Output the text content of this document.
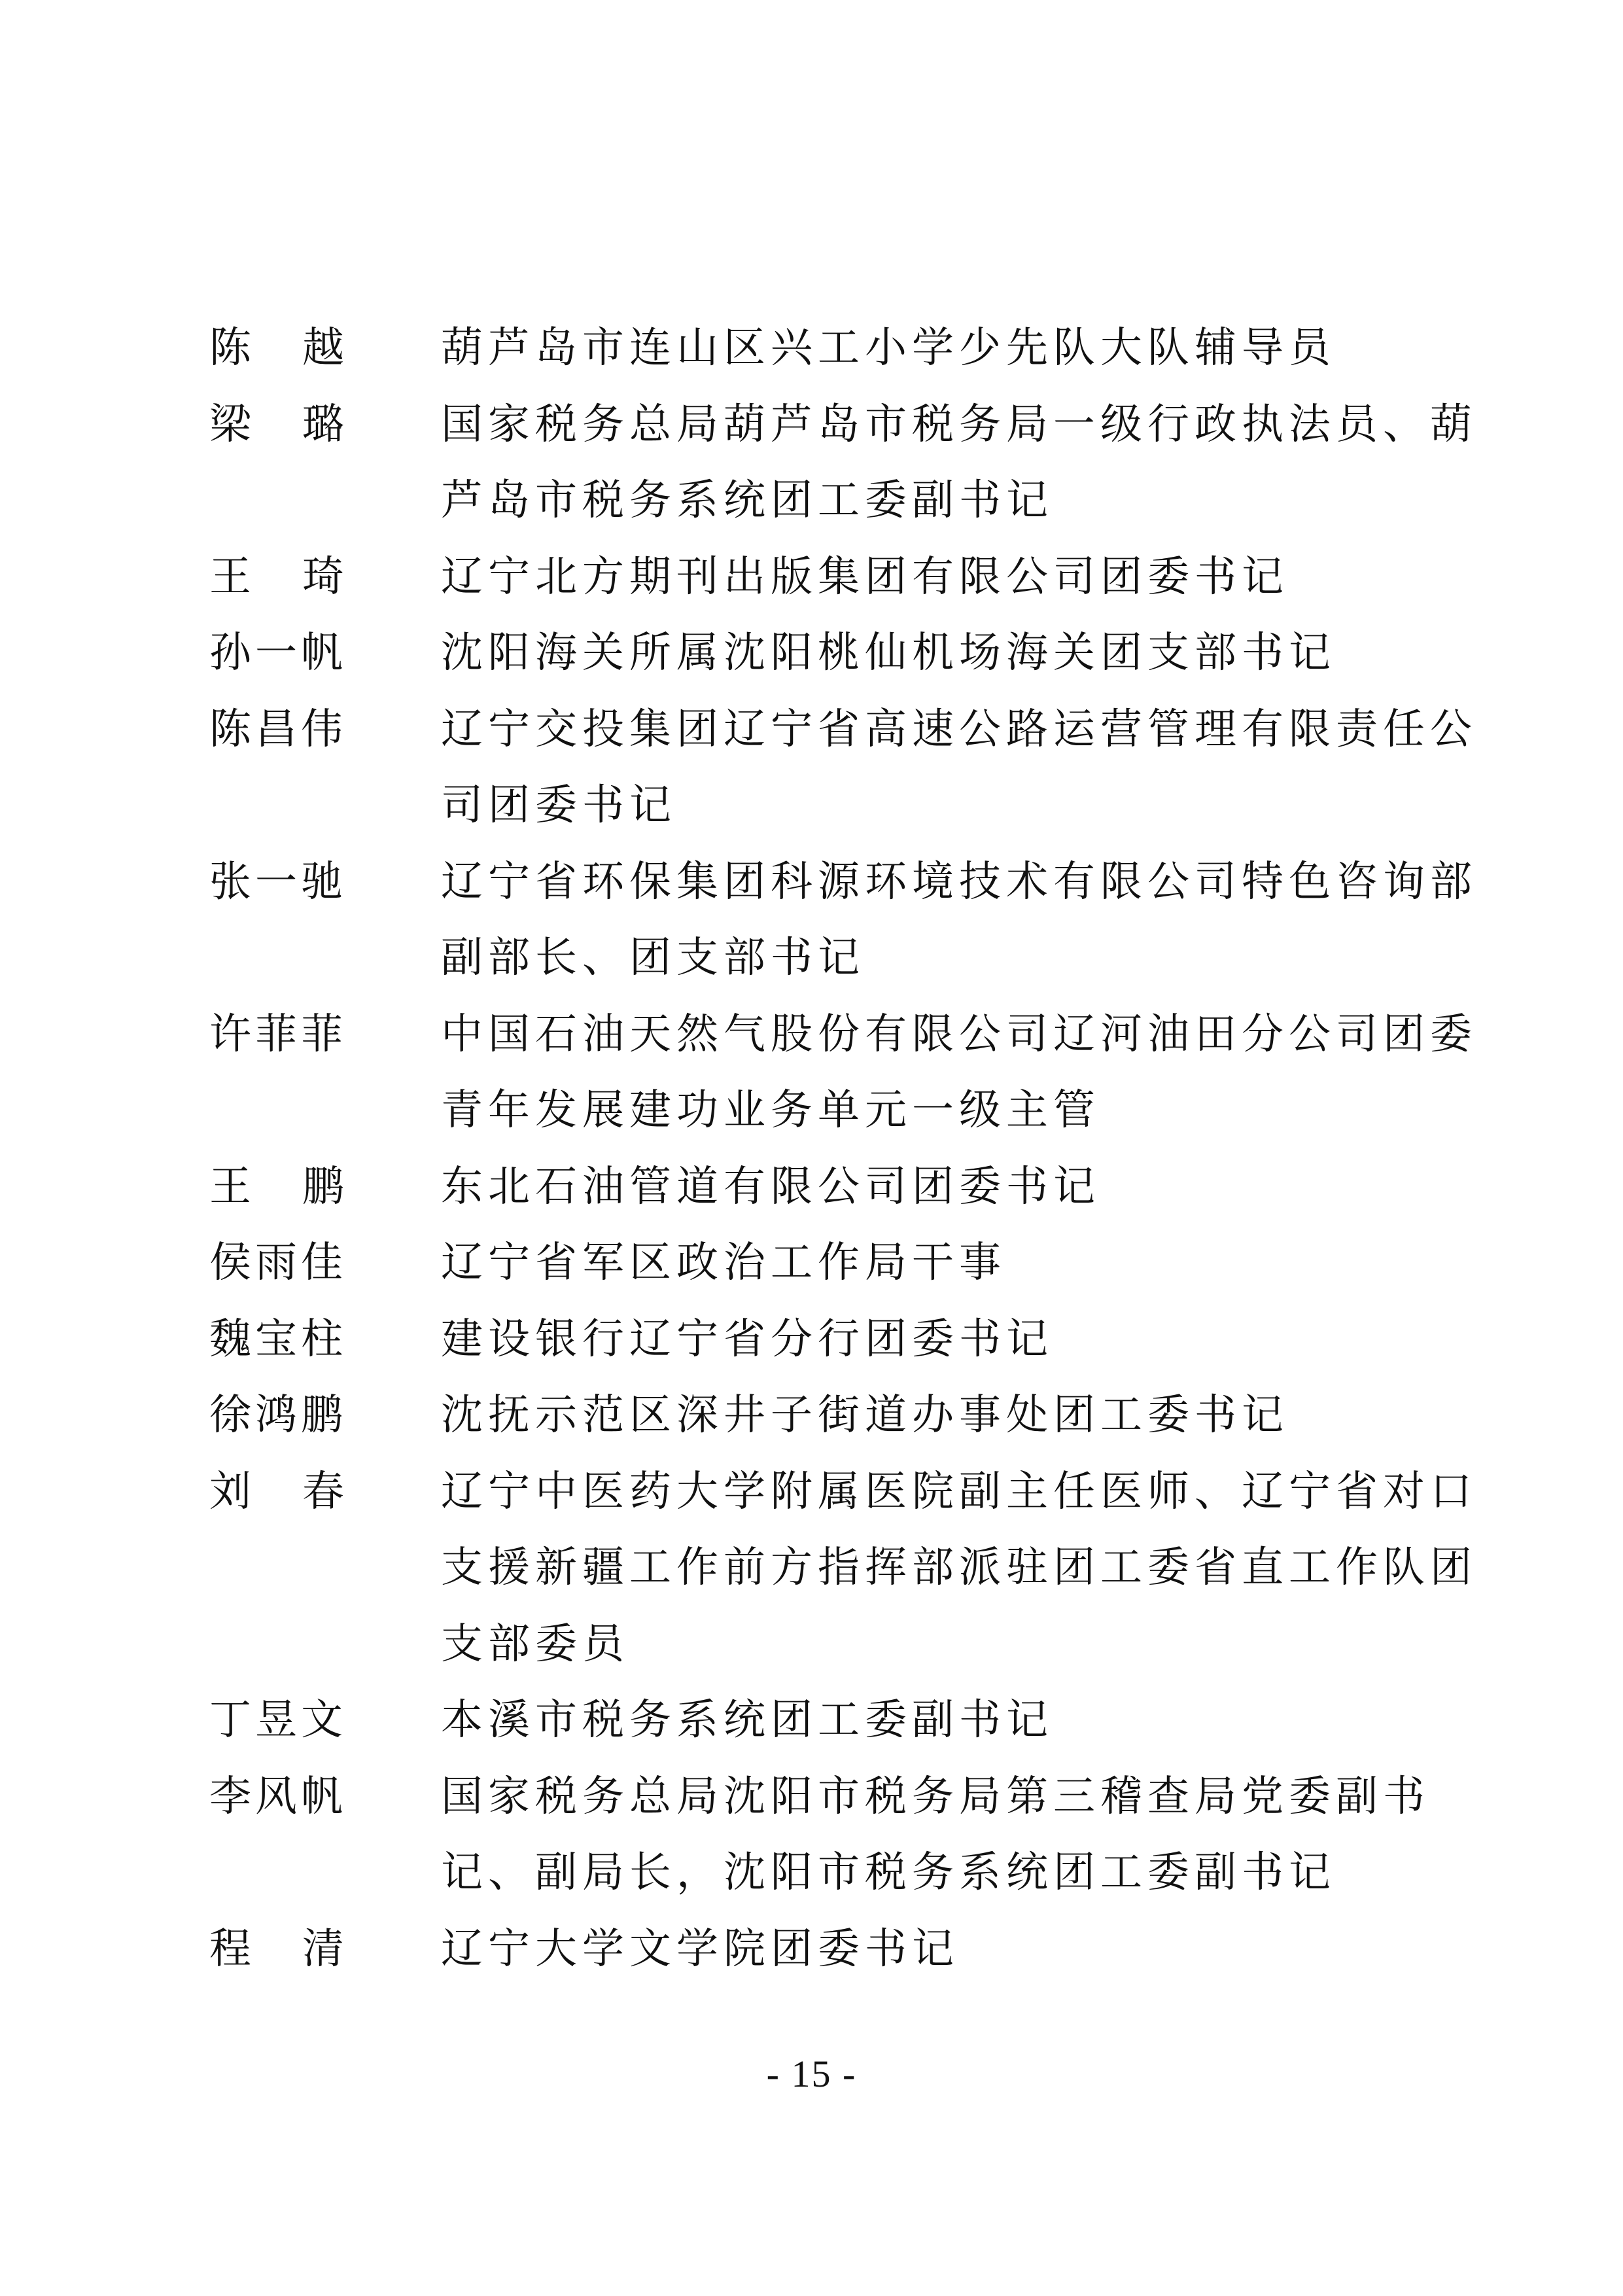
陈 越	葫芦岛市连山区兴工小学少先队大队辅导员
梁 璐	国家税务总局葫芦岛市税务局一级行政执法员、葫
芦岛市税务系统团工委副书记
王 琦	辽宁北方期刊出版集团有限公司团委书记
孙一帆	沈阳海关所属沈阳桃仙机场海关团支部书记
陈昌伟	辽宁交投集团辽宁省高速公路运营管理有限责任公
司团委书记
张一驰	辽宁省环保集团科源环境技术有限公司特色咨询部
副部长、团支部书记
许菲菲	中国石油天然气股份有限公司辽河油田分公司团委
青年发展建功业务单元一级主管
王 鹏	东北石油管道有限公司团委书记
侯雨佳	辽宁省军区政治工作局干事
魏宝柱	建设银行辽宁省分行团委书记
徐鸿鹏	沈抚示范区深井子街道办事处团工委书记
刘 春	辽宁中医药大学附属医院副主任医师、辽宁省对口
支援新疆工作前方指挥部派驻团工委省直工作队团
支部委员
丁昱文	本溪市税务系统团工委副书记
李风帆	国家税务总局沈阳市税务局第三稽查局党委副书
记、副局长，沈阳市税务系统团工委副书记
程 清	辽宁大学文学院团委书记
- 15 -
